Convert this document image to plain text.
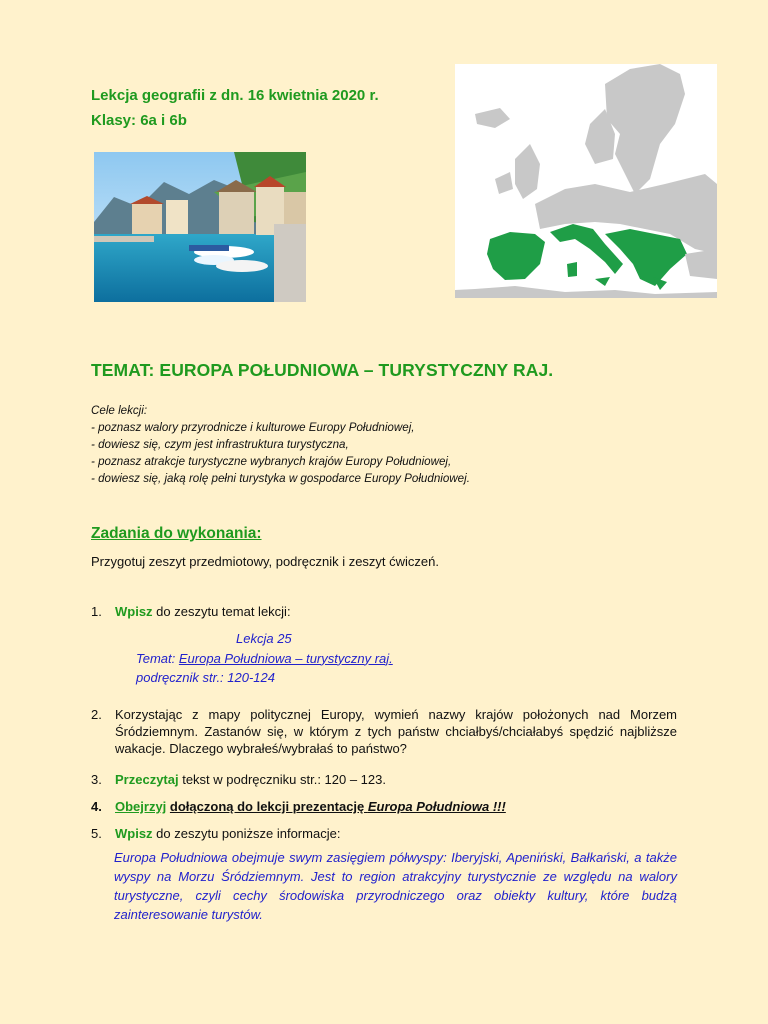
Lekcja geografii z dn. 16 kwietnia 2020 r.
Klasy: 6a i 6b
TEMAT: EUROPA POŁUDNIOWA – TURYSTYCZNY RAJ.
Cele lekcji:
- poznasz walory przyrodnicze i kulturowe Europy Południowej,
- dowiesz się, czym jest infrastruktura turystyczna,
- poznasz atrakcje turystyczne wybranych krajów Europy Południowej,
- dowiesz się, jaką rolę pełni turystyka w gospodarce Europy Południowej.
Zadania do wykonania:
Przygotuj zeszyt przedmiotowy, podręcznik i zeszyt ćwiczeń.
1.	Wpisz do zeszytu temat lekcji:
Lekcja 25
Temat: Europa Południowa – turystyczny raj.
podręcznik str.: 120-124
2.	Korzystając z mapy politycznej Europy, wymień nazwy krajów położonych nad Morzem Śródziemnym. Zastanów się, w którym z tych państw chciałbyś/chciałabyś spędzić najbliższe wakacje. Dlaczego wybrałeś/wybrałaś to państwo?
3.	Przeczytaj tekst w podręczniku str.: 120 – 123.
4.	Obejrzyj dołączoną do lekcji prezentację Europa Południowa !!!
5.	Wpisz do zeszytu poniższe informacje:
Europa Południowa obejmuje swym zasięgiem półwyspy: Iberyjski, Apeniński, Bałkański, a także wyspy na Morzu Śródziemnym. Jest to region atrakcyjny turystycznie ze względu na walory turystyczne, czyli cechy środowiska przyrodniczego oraz obiekty kultury, które budzą zainteresowanie turystów.
